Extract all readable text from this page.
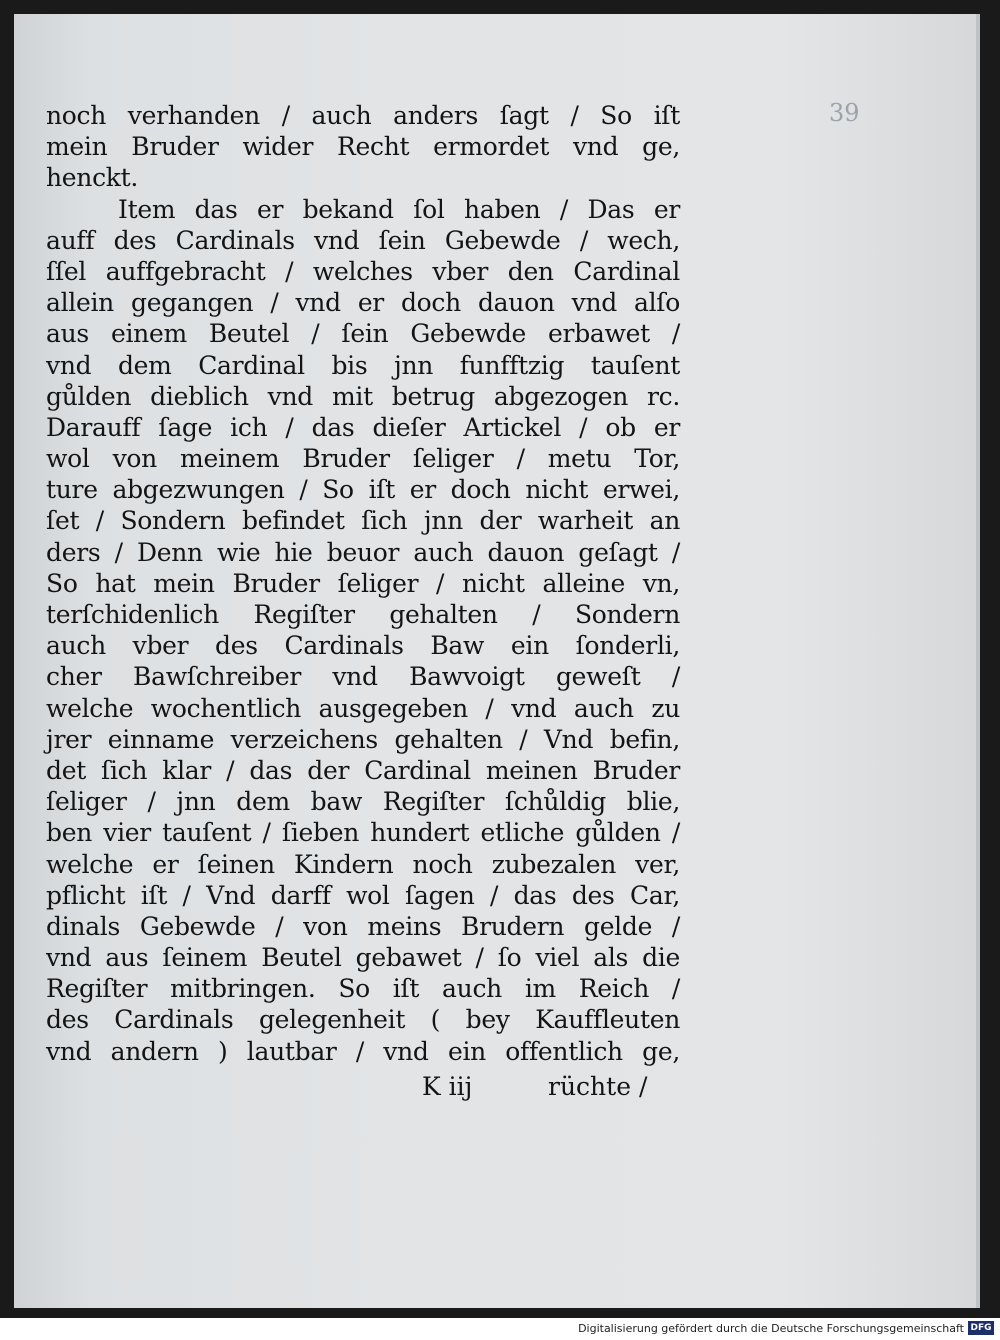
39
noch verhanden / auch anders ſagt / So iſt
mein Bruder wider Recht ermordet vnd ge,
henckt.
Item das er bekand ſol haben / Das er
auff des Cardinals vnd ſein Gebewde / wech,
ſſel auffgebracht / welches vber den Cardinal
allein gegangen / vnd er doch dauon vnd alſo
aus einem Beutel / ſein Gebewde erbawet /
vnd dem Cardinal bis jnn funfftzig tauſent
gůlden dieblich vnd mit betrug abgezogen rc.
Darauff ſage ich / das dieſer Artickel / ob er
wol von meinem Bruder ſeliger / metu Tor,
ture abgezwungen / So iſt er doch nicht erwei,
ſet / Sondern befindet ſich jnn der warheit an
ders / Denn wie hie beuor auch dauon geſagt /
So hat mein Bruder ſeliger / nicht alleine vn,
terſchidenlich Regiſter gehalten / Sondern
auch vber des Cardinals Baw ein ſonderli,
cher Bawſchreiber vnd Bawvoigt geweſt /
welche wochentlich ausgegeben / vnd auch zu
jrer einname verzeichens gehalten / Vnd befin,
det ſich klar / das der Cardinal meinen Bruder
ſeliger / jnn dem baw Regiſter ſchůldig blie,
ben vier tauſent / ſieben hundert etliche gůlden /
welche er ſeinen Kindern noch zubezalen ver,
pflicht iſt / Vnd darff wol ſagen / das des Car,
dinals Gebewde / von meins Brudern gelde /
vnd aus ſeinem Beutel gebawet / ſo viel als die
Regiſter mitbringen. So iſt auch im Reich /
des Cardinals gelegenheit ( bey Kauffleuten
vnd andern ) lautbar / vnd ein offentlich ge,
K iij	rüchte /
Digitalisierung gefördert durch die Deutsche Forschungsgemeinschaft DFG
